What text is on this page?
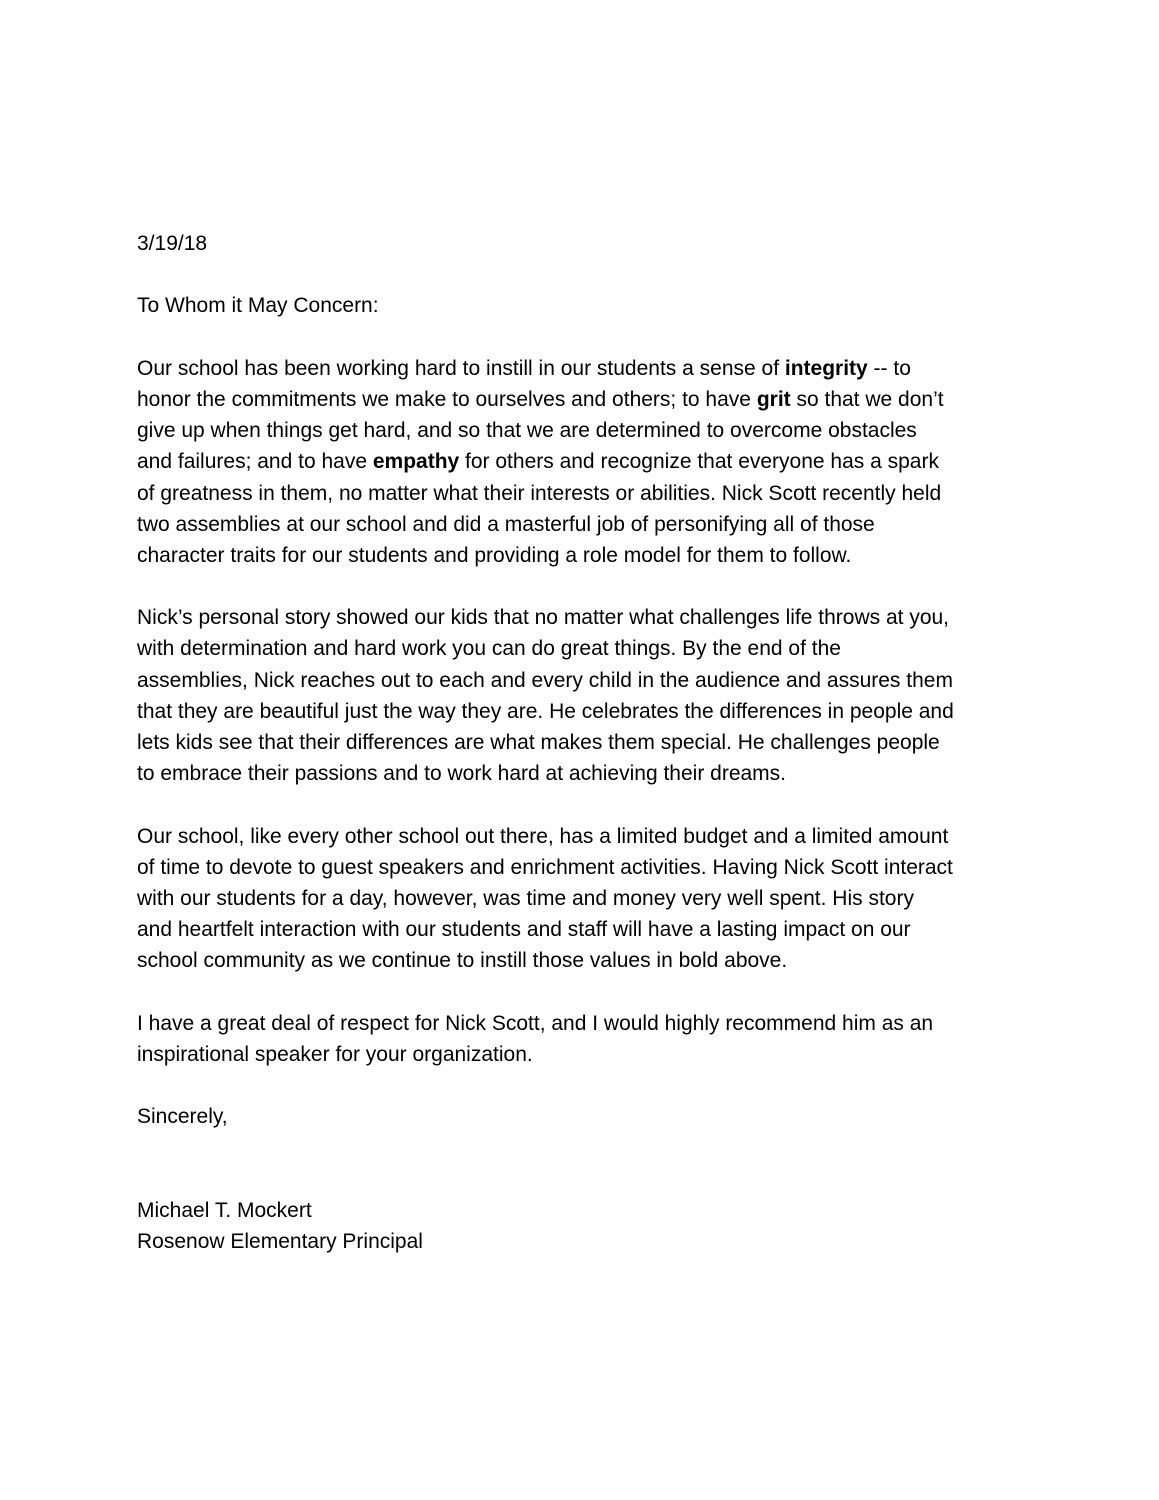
3/19/18
To Whom it May Concern:
Our school has been working hard to instill in our students a sense of integrity -- to
honor the commitments we make to ourselves and others; to have grit so that we don’t
give up when things get hard, and so that we are determined to overcome obstacles
and failures; and to have empathy for others and recognize that everyone has a spark
of greatness in them, no matter what their interests or abilities. Nick Scott recently held
two assemblies at our school and did a masterful job of personifying all of those
character traits for our students and providing a role model for them to follow.
Nick’s personal story showed our kids that no matter what challenges life throws at you,
with determination and hard work you can do great things. By the end of the
assemblies, Nick reaches out to each and every child in the audience and assures them
that they are beautiful just the way they are. He celebrates the differences in people and
lets kids see that their differences are what makes them special. He challenges people
to embrace their passions and to work hard at achieving their dreams.
Our school, like every other school out there, has a limited budget and a limited amount
of time to devote to guest speakers and enrichment activities. Having Nick Scott interact
with our students for a day, however, was time and money very well spent. His story
and heartfelt interaction with our students and staff will have a lasting impact on our
school community as we continue to instill those values in bold above.
I have a great deal of respect for Nick Scott, and I would highly recommend him as an
inspirational speaker for your organization.
Sincerely,
Michael T. Mockert
Rosenow Elementary Principal
